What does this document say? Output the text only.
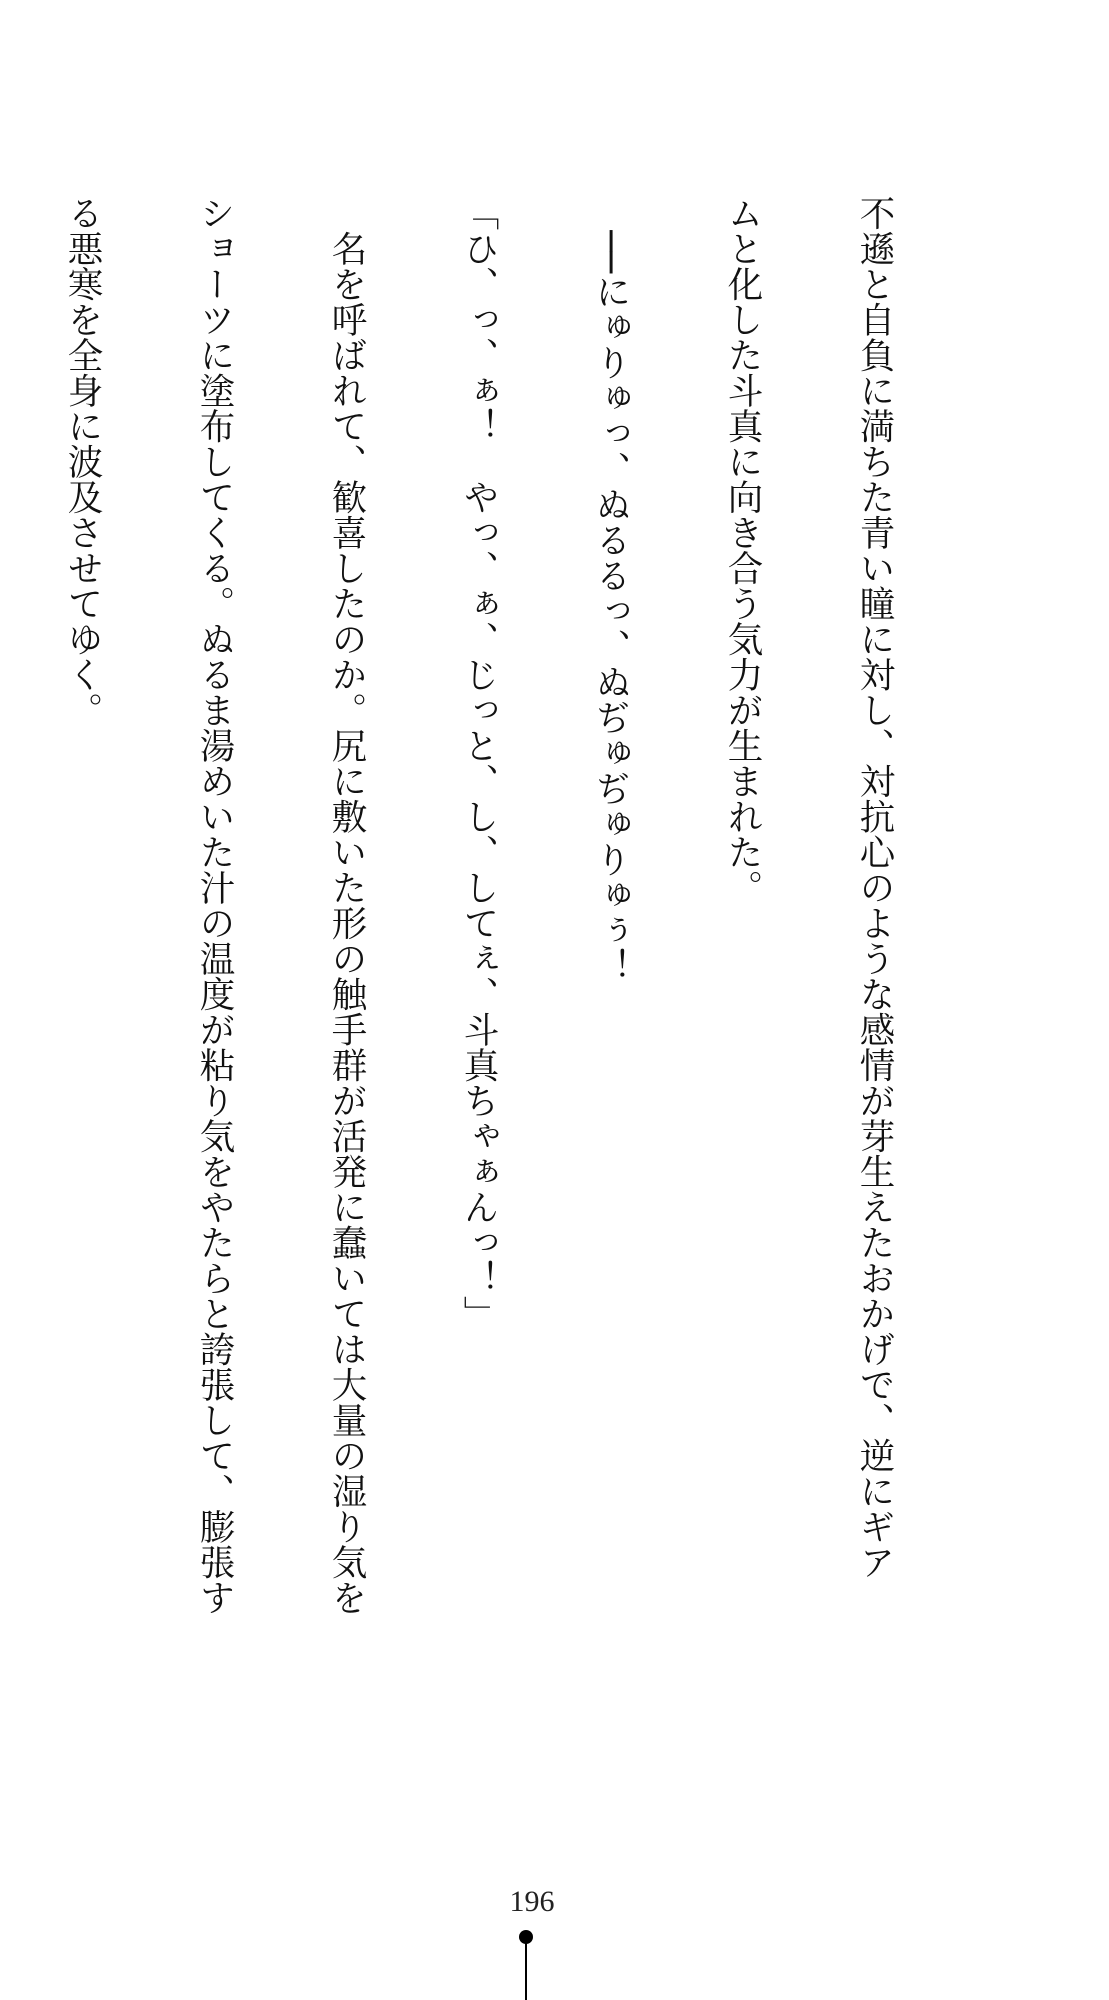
不遜と自負に満ちた青い瞳に対し、対抗心のような感情が芽生えたおかげで、逆にギア

ムと化した斗真に向き合う気力が生まれた。

　──にゅりゅっ、ぬるるっ、ぬぢゅぢゅりゅぅ！

「ひ、っ、ぁ！　やっ、ぁ、じっと、し、してぇ、斗真ちゃぁんっ！」

　名を呼ばれて、歓喜したのか。尻に敷いた形の触手群が活発に蠢いては大量の湿り気を

ショーツに塗布してくる。ぬるま湯めいた汁の温度が粘り気をやたらと誇張して、膨張す

る悪寒を全身に波及させてゆく。

196
